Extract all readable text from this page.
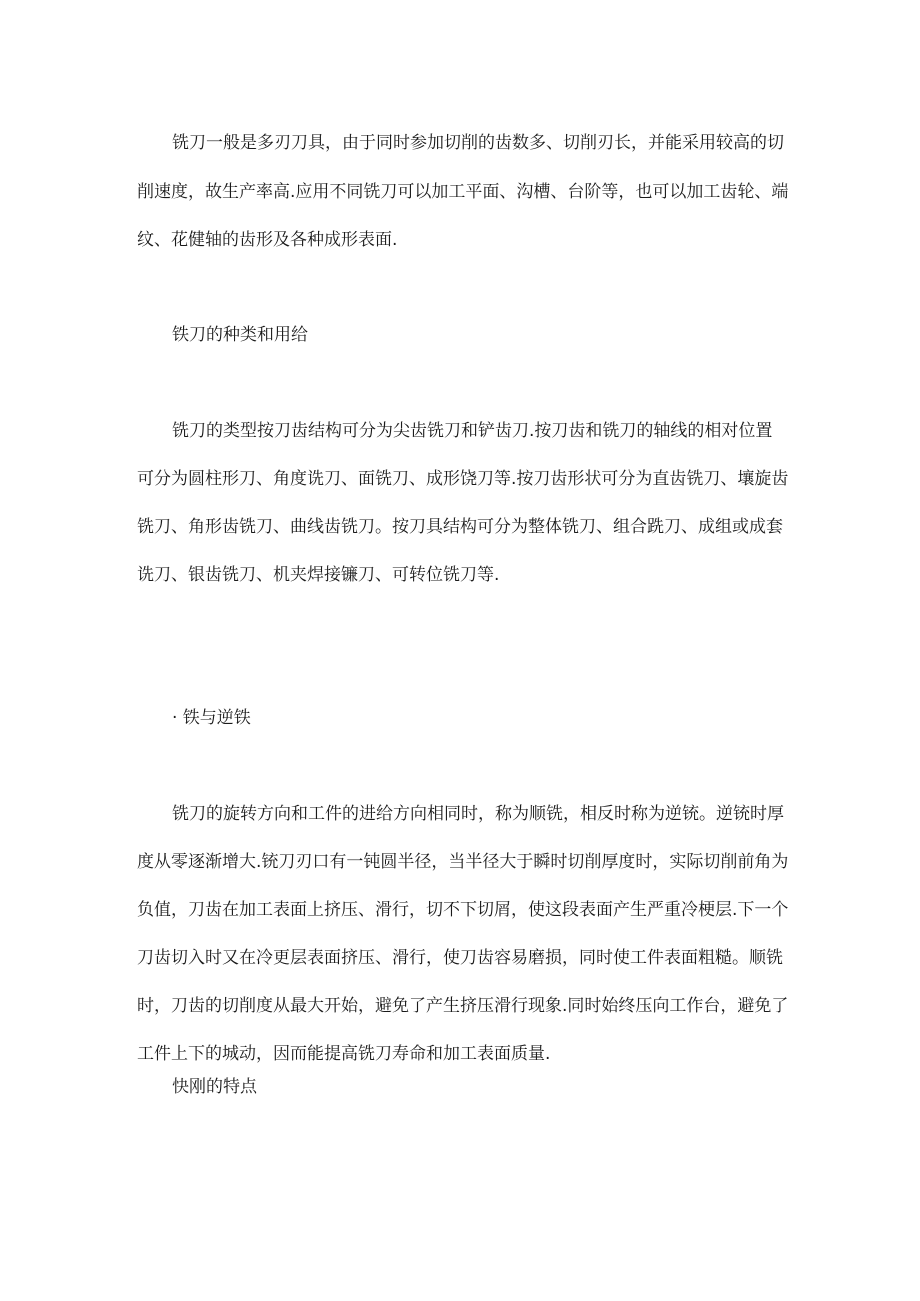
铣刀一般是多刃刀具，由于同时参加切削的齿数多、切削刃长，并能采用较高的切
削速度，故生产率高.应用不同铣刀可以加工平面、沟槽、台阶等，也可以加工齿轮、端
纹、花健轴的齿形及各种成形表面.
铁刀的种类和用给
铣刀的类型按刀齿结构可分为尖齿铣刀和铲齿刀.按刀齿和铣刀的轴线的相对位置
可分为圆柱形刀、角度诜刀、面铣刀、成形饶刀等.按刀齿形状可分为直齿铣刀、壤旋齿
铣刀、角形齿铣刀、曲线齿铣刀。按刀具结构可分为整体铣刀、组合跣刀、成组或成套
诜刀、银齿铣刀、机夹焊接镰刀、可转位铣刀等.
· 铁与逆铁
铣刀的旋转方向和工件的进给方向相同时，称为顺铣，相反时称为逆铳。逆铳时厚
度从零逐渐增大.铳刀刃口有一钝圆半径，当半径大于瞬时切削厚度时，实际切削前角为
负值，刀齿在加工表面上挤压、滑行，切不下切屑，使这段表面产生严重冷梗层.下一个
刀齿切入时又在冷更层表面挤压、滑行，使刀齿容易磨损，同时使工件表面粗糙。顺铣
时，刀齿的切削度从最大开始，避免了产生挤压滑行现象.同时始终压向工作台，避免了
工件上下的城动，因而能提高铣刀寿命和加工表面质量.
快刚的特点
